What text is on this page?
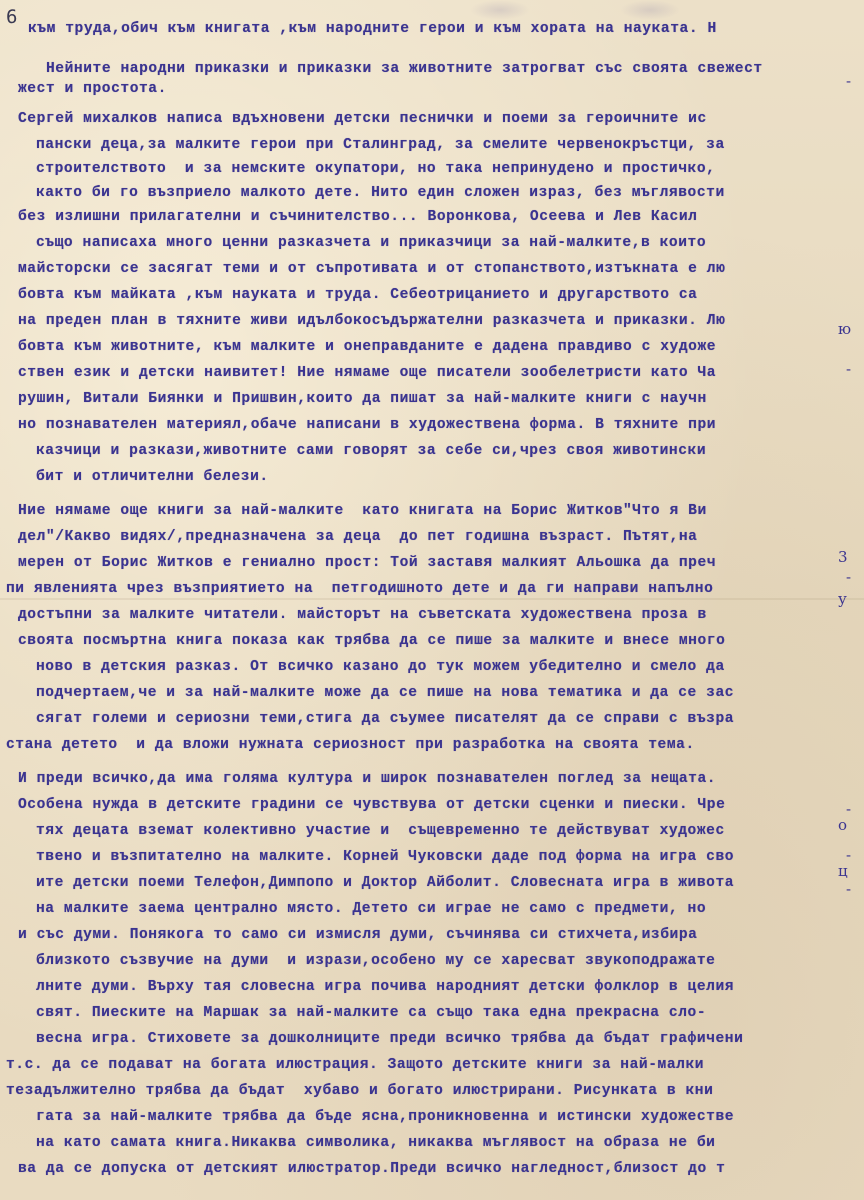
6
към труда,обич към книгата ,към народните герои и към хората на науката. Н
Нейните народни приказки и приказки за животните затрогват със своята свежест
жест и простота.
Сергей михалков написа вдъхновени детски песнички и поеми за героичните ис
пански деца,за малките герои при Сталинград, за смелите червенокръстци, за
строителството  и за немските окупатори, но така непринудено и простичко,
както би го възприело малкото дете. Нито един сложен израз, без мъглявости
без излишни прилагателни и съчинителство... Воронкова, Осеева и Лев Касил
също написаха много ценни разказчета и приказчици за най-малките,в които
майсторски се засягат теми и от съпротивата и от стопанството,изтъкната е лю
бовта към майката ,към науката и труда. Себеотрицанието и другарството са
на преден план в тяхните живи идълбокосъдържателни разказчета и приказки. Лю
бовта към животните, към малките и онеправданите е дадена правдиво с художе
ствен език и детски наивитет! Ние нямаме още писатели зообелетристи като Ча
рушин, Витали Биянки и Пришвин,които да пишат за най-малките книги с научн
но познавателен материял,обаче написани в художествена форма. В тяхните при
казчици и разкази,животните сами говорят за себе си,чрез своя животински
бит и отличителни белези.
Ние нямаме още книги за най-малките  като книгата на Борис Житков"Что я Ви
дел"/Какво видях/,предназначена за деца  до пет годишна възраст. Пътят,на
мерен от Борис Житков е гениално прост: Той заставя малкият Альошка да преч
пи явленията чрез възприятието на  петгодишното дете и да ги направи напълно
достъпни за малките читатели. майсторът на съветската художествена проза в
своята посмъртна книга показа как трябва да се пише за малките и внесе много
ново в детския разказ. От всичко казано до тук можем убедително и смело да
подчертаем,че и за най-малките може да се пише на нова тематика и да се зас
сягат големи и сериозни теми,стига да съумее писателят да се справи с възра
стана детето  и да вложи нужната сериозност при разработка на своята тема.
И преди всичко,да има голяма култура и широк познавателен поглед за нещата.
Особена нужда в детските градини се чувствува от детски сценки и пиески. Чре
тях децата вземат колективно участие и  същевременно те действуват художес
твено и възпитателно на малките. Корней Чуковски даде под форма на игра сво
ите детски поеми Телефон,Димпопо и Доктор Айболит. Словесната игра в живота
на малките заема централно място. Детето си играе не само с предмети, но
и със думи. Понякога то само си измисля думи, съчинява си стихчета,избира
близкото съзвучие на думи  и изрази,особено му се харесват звукоподражате
лните думи. Върху тая словесна игра почива народният детски фолклор в целия
свят. Пиеските на Маршак за най-малките са също така една прекрасна сло-
весна игра. Стиховете за дошколниците преди всичко трябва да бъдат графичени
т.с. да се подават на богата илюстрация. Защото детските книги за най-малки
тезадължително трябва да бъдат  хубаво и богато илюстрирани. Рисунката в кни
гата за най-малките трябва да бъде ясна,проникновенна и истински художестве
на като самата книга.Никаква символика, никаква мъглявост на образа не би
ва да се допуска от детският илюстратор.Преди всичко нагледност,близост до т
-
ю
-
3
-
у
-
о
-
ц
-
